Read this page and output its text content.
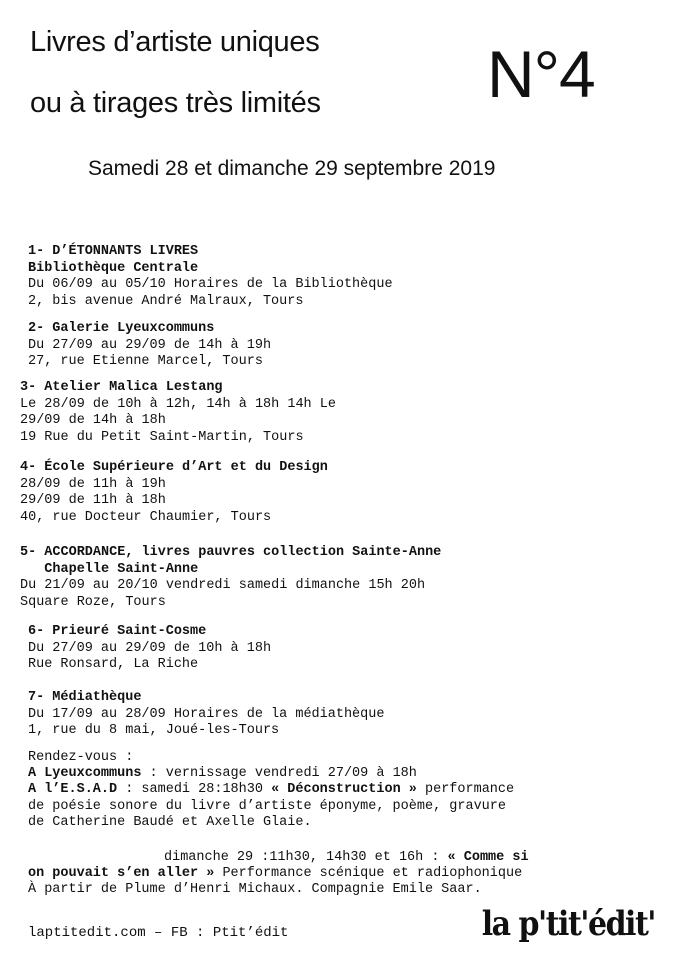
Livres d’artiste uniques
ou à tirages très limités	N°4
Samedi 28 et dimanche 29 septembre 2019
1- D’ÉTONNANTS LIVRES
Bibliothèque Centrale
Du 06/09 au 05/10 Horaires de la Bibliothèque
2, bis avenue André Malraux, Tours
2- Galerie Lyeuxcommuns
Du 27/09 au 29/09 de 14h à 19h
27, rue Etienne Marcel, Tours
3- Atelier Malica Lestang
Le 28/09 de 10h à 12h, 14h à 18h 14h Le
29/09 de 14h à 18h
19 Rue du Petit Saint-Martin, Tours
4- École Supérieure d’Art et du Design
28/09 de 11h à 19h
29/09 de 11h à 18h
40, rue Docteur Chaumier, Tours
5- ACCORDANCE, livres pauvres collection Sainte-Anne
Chapelle Saint-Anne
Du 21/09 au 20/10 vendredi samedi dimanche 15h 20h
Square Roze, Tours
6- Prieuré Saint-Cosme
Du 27/09 au 29/09 de 10h à 18h
Rue Ronsard, La Riche
7- Médiathèque
Du 17/09 au 28/09 Horaires de la médiathèque
1, rue du 8 mai, Joué-les-Tours
Rendez-vous :
A Lyeuxcommuns : vernissage vendredi 27/09 à 18h
A l’E.S.A.D : samedi 28:18h30 « Déconstruction » performance
de poésie sonore du livre d’artiste éponyme, poème, gravure
de Catherine Baudé et Axelle Glaie.
dimanche 29 :11h30, 14h30 et 16h : « Comme si
on pouvait s’en aller » Performance scénique et radiophonique
À partir de Plume d’Henri Michaux. Compagnie Emile Saar.
laptitedit.com – FB : Ptit’édit	la p'tit'édit'
